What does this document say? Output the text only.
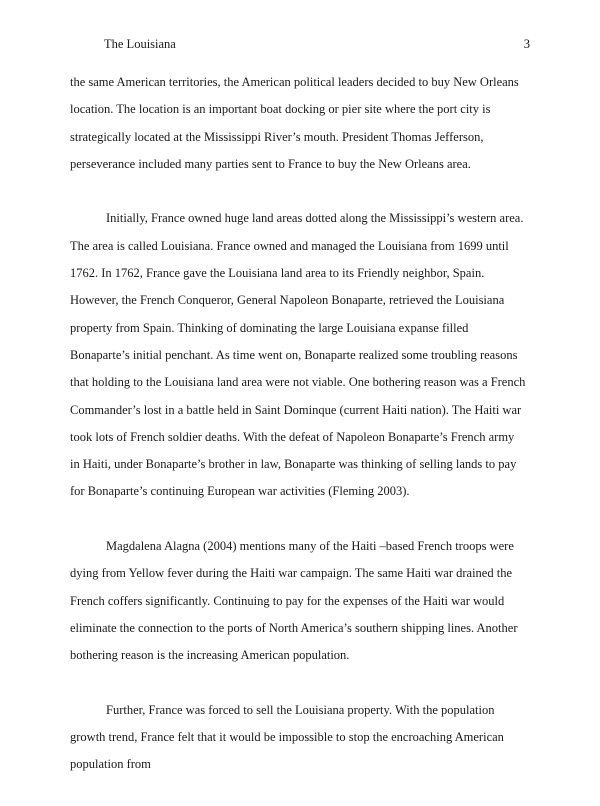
The Louisiana	3

the same American territories, the American political leaders decided to buy New Orleans location. The location is an important boat docking or pier site where the port city is strategically located at the Mississippi River’s mouth. President Thomas Jefferson, perseverance included many parties sent to France to buy the New Orleans area.

Initially, France owned huge land areas dotted along the Mississippi’s western area. The area is called Louisiana. France owned and managed the Louisiana from 1699 until 1762. In 1762, France gave the Louisiana land area to its Friendly neighbor, Spain. However, the French Conqueror, General Napoleon Bonaparte, retrieved the Louisiana property from Spain. Thinking of dominating the large Louisiana expanse filled Bonaparte’s initial penchant. As time went on, Bonaparte realized some troubling reasons that holding to the Louisiana land area were not viable. One bothering reason was a French Commander’s lost in a battle held in Saint Dominque (current Haiti nation). The Haiti war took lots of French soldier deaths. With the defeat of Napoleon Bonaparte’s French army in Haiti, under Bonaparte’s brother in law, Bonaparte was thinking of selling lands to pay for Bonaparte’s continuing European war activities (Fleming 2003).

Magdalena Alagna (2004) mentions many of the Haiti –based French troops were dying from Yellow fever during the Haiti war campaign. The same Haiti war drained the French coffers significantly. Continuing to pay for the expenses of the Haiti war would eliminate the connection to the ports of North America’s southern shipping lines. Another bothering reason is the increasing American population.

Further, France was forced to sell the Louisiana property. With the population growth trend, France felt that it would be impossible to stop the encroaching American population from
